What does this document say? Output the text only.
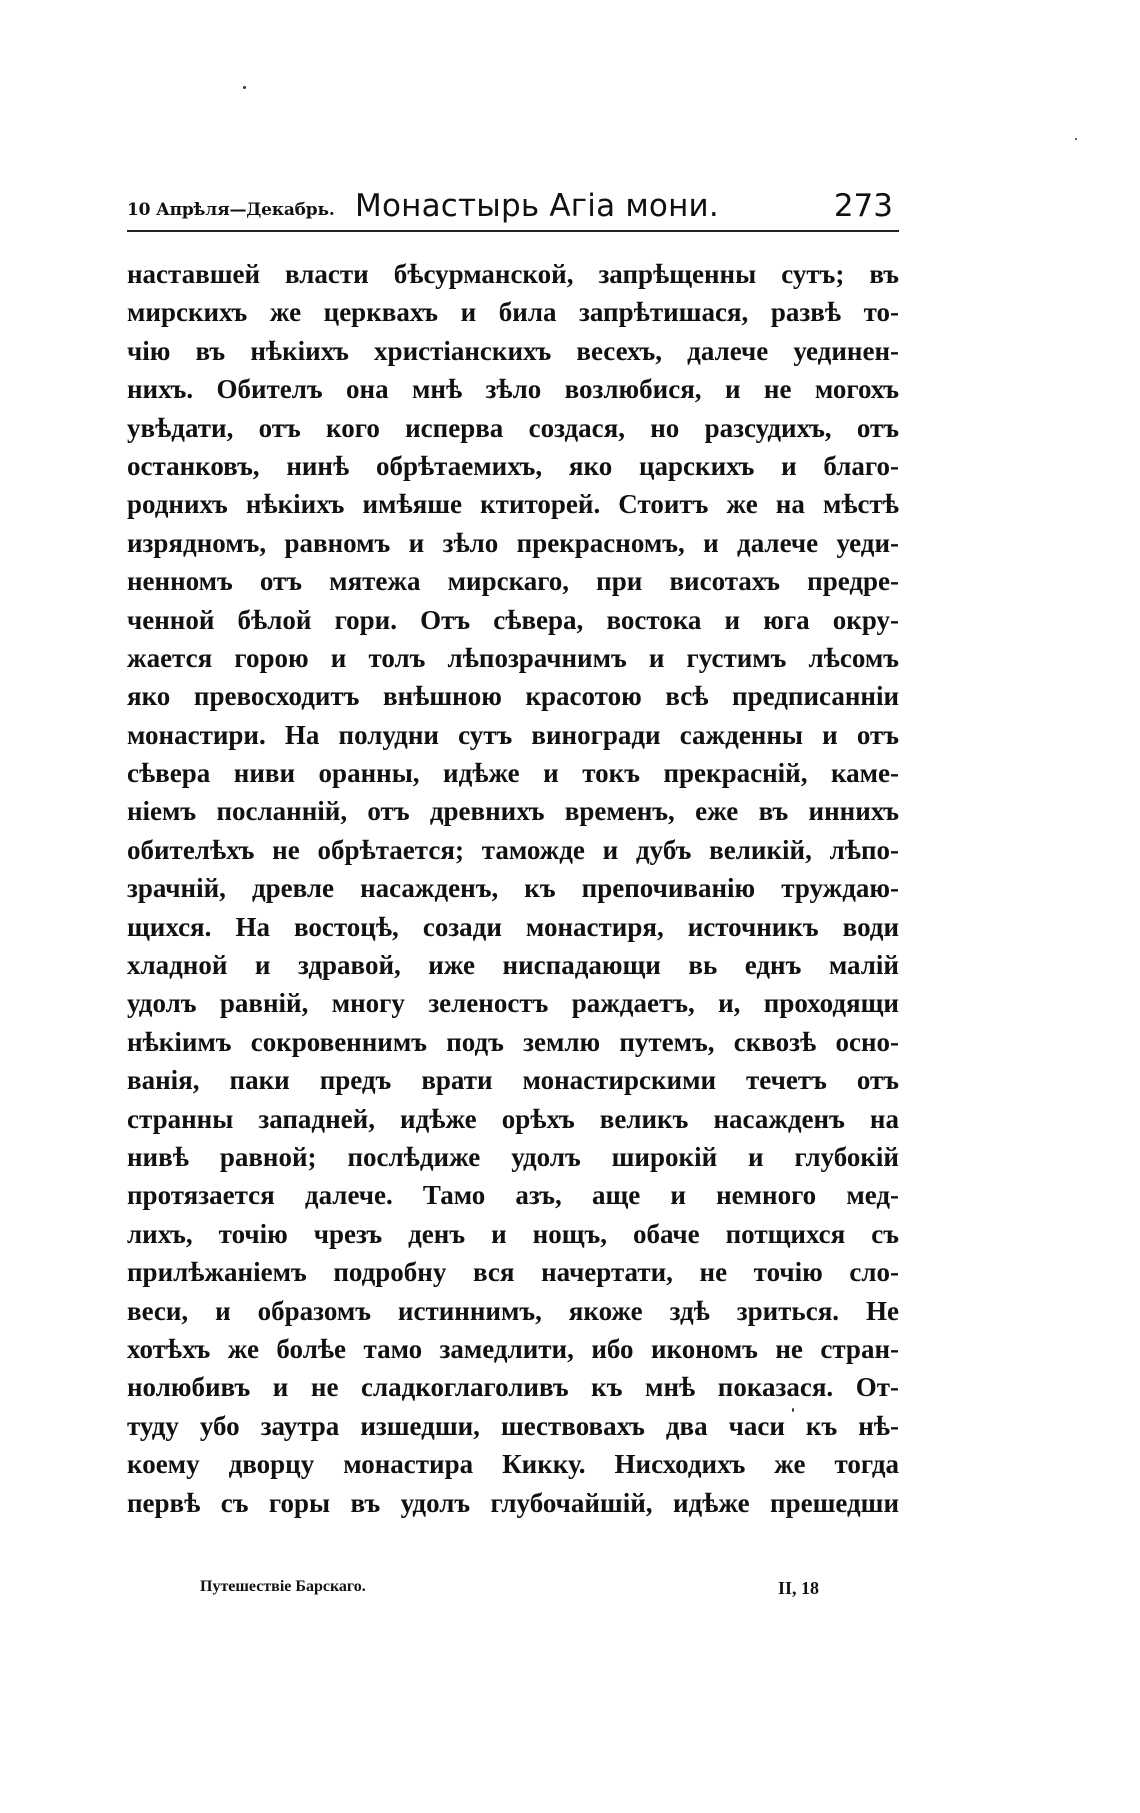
10 Апрѣля—Декабрь. Монастырь Агіа мони.	273
наставшей власти бѣсурманской, запрѣщенны сутъ; въ
мирскихъ же церквахъ и била запрѣтишася, развѣ то-
чію въ нѣкіихъ христіанскихъ весехъ, далече уединен-
нихъ. Обителъ она мнѣ зѣло возлюбися, и не могохъ
увѣдати, отъ кого исперва создася, но разсудихъ, отъ
останковъ, нинѣ обрѣтаемихъ, яко царскихъ и благо-
роднихъ нѣкіихъ имѣяше ктиторей. Стоитъ же на мѣстѣ
изрядномъ, равномъ и зѣло прекрасномъ, и далече уеди-
ненномъ отъ мятежа мирскаго, при висотахъ предре-
ченной бѣлой гори. Отъ сѣвера, востока и юга окру-
жается горою и толъ лѣпозрачнимъ и густимъ лѣсомъ
яко превосходитъ внѣшною красотою всѣ предписанніи
монастири. На полудни сутъ виногради сажденны и отъ
сѣвера ниви оранны, идѣже и токъ прекрасній, каме-
ніемъ посланній, отъ древнихъ временъ, еже въ иннихъ
обителѣхъ не обрѣтается; тамождe и дубъ великій, лѣпо-
зрачній, древле насажденъ, къ препочиванію труждаю-
щихся. На востоцѣ, созади монастиря, источникъ води
хладной и здравой, иже ниспадающи вь еднъ малій
удолъ равній, многу зеленостъ раждаетъ, и, проходящи
нѣкіимъ сокровеннимъ подъ землю путемъ, сквозѣ осно-
ванія, паки предъ врати монастирскими течетъ отъ
странны западней, идѣже орѣхъ великъ насажденъ на
нивѣ равной; послѣдиже удолъ широкій и глубокій
протязается далече. Тамо азъ, аще и немного мед-
лихъ, точію чрезъ денъ и нощъ, обаче потщихся съ
прилѣжаніемъ подробну вся начертати, не точію сло-
веси, и образомъ истиннимъ, якоже здѣ зриться. Не
хотѣхъ же болѣе тамо замедлити, ибо икономъ не стран-
нолюбивъ и не сладкоглаголивъ къ мнѣ показася. От-
тудy убо заутра изшедши, шествовахъ два часи къ нѣ-
коему дворцу монастира Кикку. Нисходихъ же тогда
первѣ съ горы въ удолъ глубочайшій, идѣже прешедши
Путешествіе Барскаго.	II, 18
